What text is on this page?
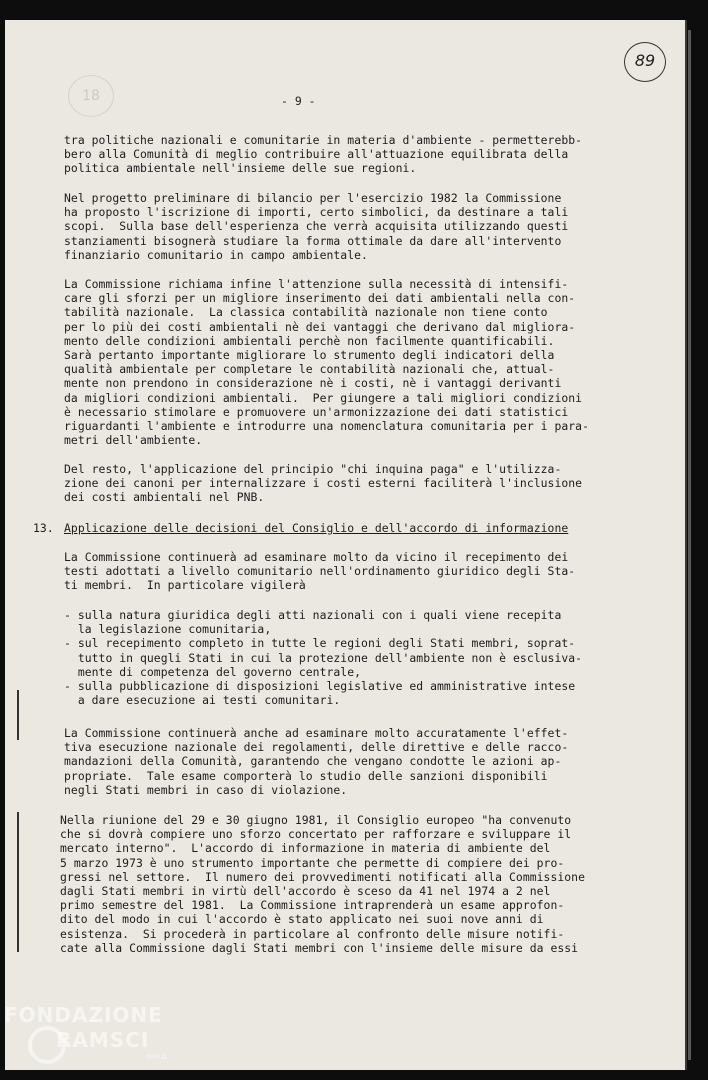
18
89
- 9 -
tra politiche nazionali e comunitarie in materia d'ambiente - permetterebb-
bero alla Comunità di meglio contribuire all'attuazione equilibrata della
politica ambientale nell'insieme delle sue regioni.
Nel progetto preliminare di bilancio per l'esercizio 1982 la Commissione
ha proposto l'iscrizione di importi, certo simbolici, da destinare a tali
scopi.  Sulla base dell'esperienza che verrà acquisita utilizzando questi
stanziamenti bisognerà studiare la forma ottimale da dare all'intervento
finanziario comunitario in campo ambientale.
La Commissione richiama infine l'attenzione sulla necessità di intensifi-
care gli sforzi per un migliore inserimento dei dati ambientali nella con-
tabilità nazionale.  La classica contabilità nazionale non tiene conto
per lo più dei costi ambientali nè dei vantaggi che derivano dal migliora-
mento delle condizioni ambientali perchè non facilmente quantificabili.
Sarà pertanto importante migliorare lo strumento degli indicatori della
qualità ambientale per completare le contabilità nazionali che, attual-
mente non prendono in considerazione nè i costi, nè i vantaggi derivanti
da migliori condizioni ambientali.  Per giungere a tali migliori condizioni
è necessario stimolare e promuovere un'armonizzazione dei dati statistici
riguardanti l'ambiente e introdurre una nomenclatura comunitaria per i para-
metri dell'ambiente.
Del resto, l'applicazione del principio "chi inquina paga" e l'utilizza-
zione dei canoni per internalizzare i costi esterni faciliterà l'inclusione
dei costi ambientali nel PNB.
13. Applicazione delle decisioni del Consiglio e dell'accordo di informazione
La Commissione continuerà ad esaminare molto da vicino il recepimento dei
testi adottati a livello comunitario nell'ordinamento giuridico degli Sta-
ti membri.  In particolare vigilerà
- sulla natura giuridica degli atti nazionali con i quali viene recepita
la legislazione comunitaria,
- sul recepimento completo in tutte le regioni degli Stati membri, soprat-
tutto in quegli Stati in cui la protezione dell'ambiente non è esclusiva-
mente di competenza del governo centrale,
- sulla pubblicazione di disposizioni legislative ed amministrative intese
a dare esecuzione ai testi comunitari.
La Commissione continuerà anche ad esaminare molto accuratamente l'effet-
tiva esecuzione nazionale dei regolamenti, delle direttive e delle racco-
mandazioni della Comunità, garantendo che vengano condotte le azioni ap-
propriate.  Tale esame comporterà lo studio delle sanzioni disponibili
negli Stati membri in caso di violazione.
Nella riunione del 29 e 30 giugno 1981, il Consiglio europeo "ha convenuto
che si dovrà compiere uno sforzo concertato per rafforzare e sviluppare il
mercato interno".  L'accordo di informazione in materia di ambiente del
5 marzo 1973 è uno strumento importante che permette di compiere dei pro-
gressi nel settore.  Il numero dei provvedimenti notificati alla Commissione
dagli Stati membri in virtù dell'accordo è sceso da 41 nel 1974 a 2 nel
primo semestre del 1981.  La Commissione intraprenderà un esame approfon-
dito del modo in cui l'accordo è stato applicato nei suoi nove anni di
esistenza.  Si procederà in particolare al confronto delle misure notifi-
cate alla Commissione dagli Stati membri con l'insieme delle misure da essi
FONDAZIONE
RAMSCI
onlus
